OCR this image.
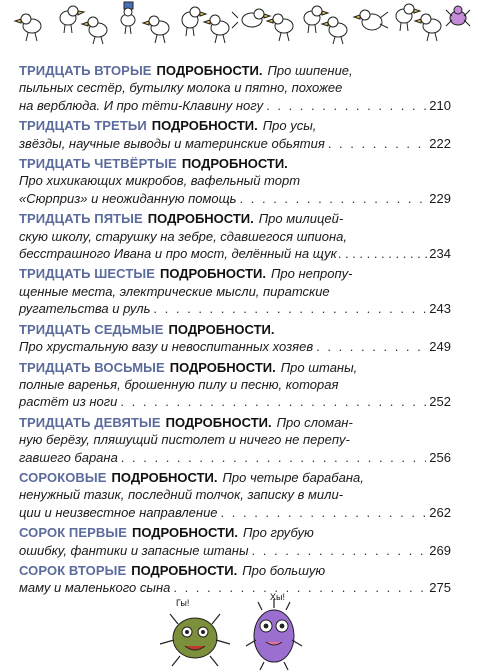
ТРИДЦАТЬ ВТОРЫЕ ПОДРОБНОСТИ. Про шипение,
пыльных сестёр, бутылку молока и пятно, похожее
на верблюда. И про тёти-Клавину ногу . . .	210
ТРИДЦАТЬ ТРЕТЬИ ПОДРОБНОСТИ. Про усы,
звёзды, научные выводы и материнские обьятия . . .	222
ТРИДЦАТЬ ЧЕТВЁРТЫЕ ПОДРОБНОСТИ.
Про хихикающих микробов, вафельный торт
«Сюрприз» и неожиданную помощь . . .	229
ТРИДЦАТЬ ПЯТЫЕ ПОДРОБНОСТИ. Про милицей-
скую школу, старушку на зебре, сдавшегося шпиона,
бесстрашного Ивана и про мост, делённый на щук . . .	234
ТРИДЦАТЬ ШЕСТЫЕ ПОДРОБНОСТИ. Про непропу-
щенные места, электрические мысли, пиратские
ругательства и руль . . .	243
ТРИДЦАТЬ СЕДЬМЫЕ ПОДРОБНОСТИ.
Про хрустальную вазу и невоспитанных хозяев . . .	249
ТРИДЦАТЬ ВОСЬМЫЕ ПОДРОБНОСТИ. Про штаны,
полные варенья, брошенную пилу и песню, которая
растёт из ноги . . .	252
ТРИДЦАТЬ ДЕВЯТЫЕ ПОДРОБНОСТИ. Про сломан-
ную берёзу, пляшущий пистолет и ничего не перепу-
гавшего барана . . .	256
СОРОКОВЫЕ ПОДРОБНОСТИ. Про четыре барабана,
ненужный тазик, последний толчок, записку в мили-
ции и неизвестное направление . . .	262
СОРОК ПЕРВЫЕ ПОДРОБНОСТИ. Про грубую
ошибку, фантики и запасные штаны . . .	269
СОРОК ВТОРЫЕ ПОДРОБНОСТИ. Про большую
маму и маленького сына . . .	275
Гы!
Хы!
